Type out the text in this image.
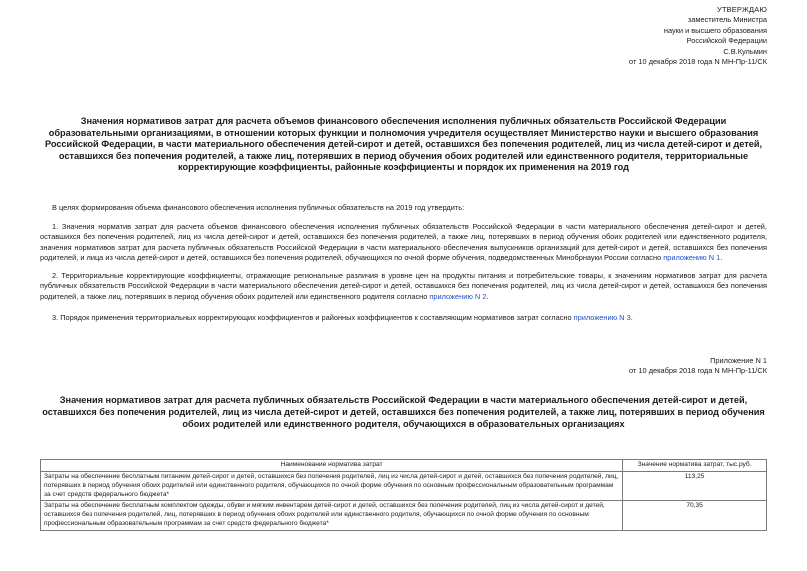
УТВЕРЖДАЮ
заместитель Министра
науки и высшего образования
Российской Федерации
С.В.Кульмин
от 10 декабря 2018 года N МН-Пр-11/СК
Значения нормативов затрат для расчета объемов финансового обеспечения исполнения публичных обязательств Российской Федерации образовательными организациями, в отношении которых функции и полномочия учредителя осуществляет Министерство науки и высшего образования Российской Федерации, в части материального обеспечения детей-сирот и детей, оставшихся без попечения родителей, лиц из числа детей-сирот и детей, оставшихся без попечения родителей, а также лиц, потерявших в период обучения обоих родителей или единственного родителя, территориальные корректирующие коэффициенты, районные коэффициенты и порядок их применения на 2019 год
В целях формирования объема финансового обеспечения исполнения публичных обязательств на 2019 год утвердить:
1. Значения норматив затрат для расчета объемов финансового обеспечения исполнения публичных обязательств Российской Федерации в части материального обеспечения детей-сирот и детей, оставшихся без попечения родителей, лиц из числа детей-сирот и детей, оставшихся без попечения родителей, а также лиц, потерявших в период обучения обоих родителей или единственного родителя, значения нормативов затрат для расчета публичных обязательств Российской Федерации в части материального обеспечения выпускников организаций для детей-сирот и детей, оставшихся без попечения родителей, и лица из числа детей-сирот и детей, оставшихся без попечения родителей, обучающихся по очной форме обучения, подведомственных Минобрнауки России согласно приложению N 1.
2. Территориальные корректирующие коэффициенты, отражающие региональные различия в уровне цен на продукты питания и потребительские товары, к значениям нормативов затрат для расчета публичных обязательств Российской Федерации в части материального обеспечения детей-сирот и детей, оставшихся без попечения родителей, лиц из числа детей-сирот и детей, оставшихся без попечения родителей, а также лиц, потерявших в период обучения обоих родителей или единственного родителя согласно приложению N 2.
3. Порядок применения территориальных корректирующих коэффициентов и районных коэффициентов к составляющим нормативов затрат согласно приложению N 3.
Приложение N 1
от 10 декабря 2018 года N МН-Пр-11/СК
Значения нормативов затрат для расчета публичных обязательств Российской Федерации в части материального обеспечения детей-сирот и детей, оставшихся без попечения родителей, лиц из числа детей-сирот и детей, оставшихся без попечения родителей, а также лиц, потерявших в период обучения обоих родителей или единственного родителя, обучающихся в образовательных организациях
Наименование норматива затрат	Значение норматива затрат, тыс.руб.
Затраты на обеспечение бесплатным питанием детей-сирот и детей, оставшихся без попечения родителей, лиц из числа детей-сирот и детей, оставшихся без попечения родителей, лиц, потерявших в период обучения обоих родителей или единственного родителя, обучающихся по очной форме обучения по основным профессиональным образовательным программам за счет средств федерального бюджета*	113,25
Затраты на обеспечение бесплатным комплектом одежды, обуви и мягким инвентарем детей-сирот и детей, оставшихся без попечения родителей, лиц из числа детей-сирот и детей, оставшихся без попечения родителей, лиц, потерявших в период обучения обоих родителей или единственного родителя, обучающихся по очной форме обучения по основным профессиональным образовательным программам за счет средств федерального бюджета*	70,35
